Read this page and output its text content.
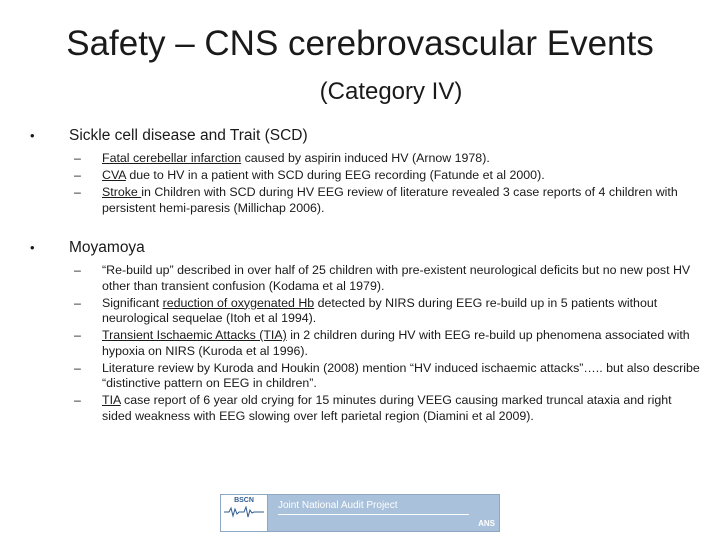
Safety – CNS cerebrovascular Events
(Category IV)
• Sickle cell disease and Trait (SCD)
– Fatal cerebellar infarction caused by aspirin induced HV (Arnow 1978).
– CVA due to HV in a patient with SCD during EEG recording (Fatunde et al 2000).
– Stroke in Children with SCD during HV EEG review of literature revealed 3 case reports of 4 children with persistent hemi-paresis (Millichap 2006).
• Moyamoya
– “Re-build up” described in over half of 25 children with pre-existent neurological deficits but no new post HV other than transient confusion (Kodama et al 1979).
– Significant reduction of oxygenated Hb detected by NIRS during EEG re-build up in 5 patients without neurological sequelae (Itoh et al 1994).
– Transient Ischaemic Attacks (TIA) in 2 children during HV with EEG re-build up phenomena associated with hypoxia on NIRS (Kuroda et al 1996).
– Literature review by Kuroda and Houkin (2008) mention “HV induced ischaemic attacks”….. but also describe “distinctive pattern on EEG in children”.
– TIA case report of 6 year old crying for 15 minutes during VEEG causing marked truncal ataxia and right sided weakness with EEG slowing over left parietal region (Diamini et al 2009).
BSCN	Joint National Audit Project
ANS
